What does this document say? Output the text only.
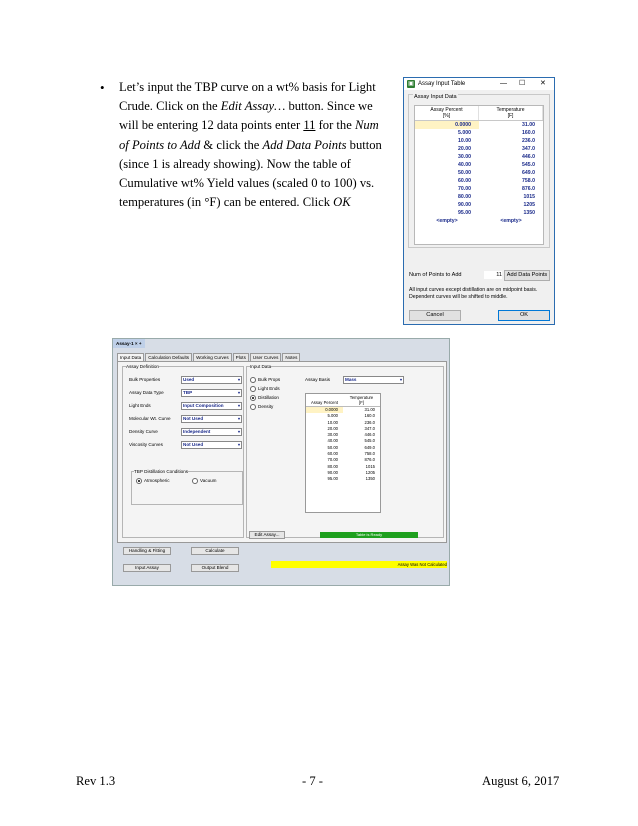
• Let’s input the TBP curve on a wt% basis for Light Crude. Click on the Edit Assay… button. Since we will be entering 12 data points enter 11 for the Num of Points to Add & click the Add Data Points button (since 1 is already showing). Now the table of Cumulative wt% Yield values (scaled 0 to 100) vs. temperatures (in °F) can be entered. Click OK
▣ Assay Input Table	— ☐ ✕
Assay Input Data
Assay Percent
[%]
Temperature
[F]
0.0000	31.00
5.000	160.0
10.00	236.0
20.00	347.0
30.00	446.0
40.00	545.0
50.00	649.0
60.00	758.0
70.00	876.0
80.00	1015
90.00	1205
95.00	1350
<empty>	<empty>
Num of Points to Add	11 Add Data Points
All input curves except distillation are on midpoint basis. Dependent curves will be shifted to middle.
Cancel	OK
Assay-1 × +
Input Data	Calculation Defaults	Working Curves	Plots	User Curves	Notes
Assay Definition
Bulk Properties	Used ▾
Assay Data Type	TBP ▾
Light Ends	Input Composition ▾
Molecular Wt. Curve	Not Used ▾
Density Curve	Independent ▾
Viscosity Curves	Not Used ▾
TBP Distillation Conditions
Atmospheric	Vacuum
Input Data
Bulk Props
Light Ends
Distillation
Density
Assay Basis	Mass ▾

Assay Percent
Temperature
[F]
0.0000	31.00
5.000	160.0
10.00	236.0
20.00	347.0
30.00	446.0
40.00	545.0
50.00	649.0
60.00	758.0
70.00	876.0
80.00	1015
90.00	1205
95.00	1350
Edit Assay...	Table is Ready
Handling & Fitting	Calculate
Input Assay	Output Blend
Assay Was Not Calculated
Rev 1.3	- 7 -	August 6, 2017
